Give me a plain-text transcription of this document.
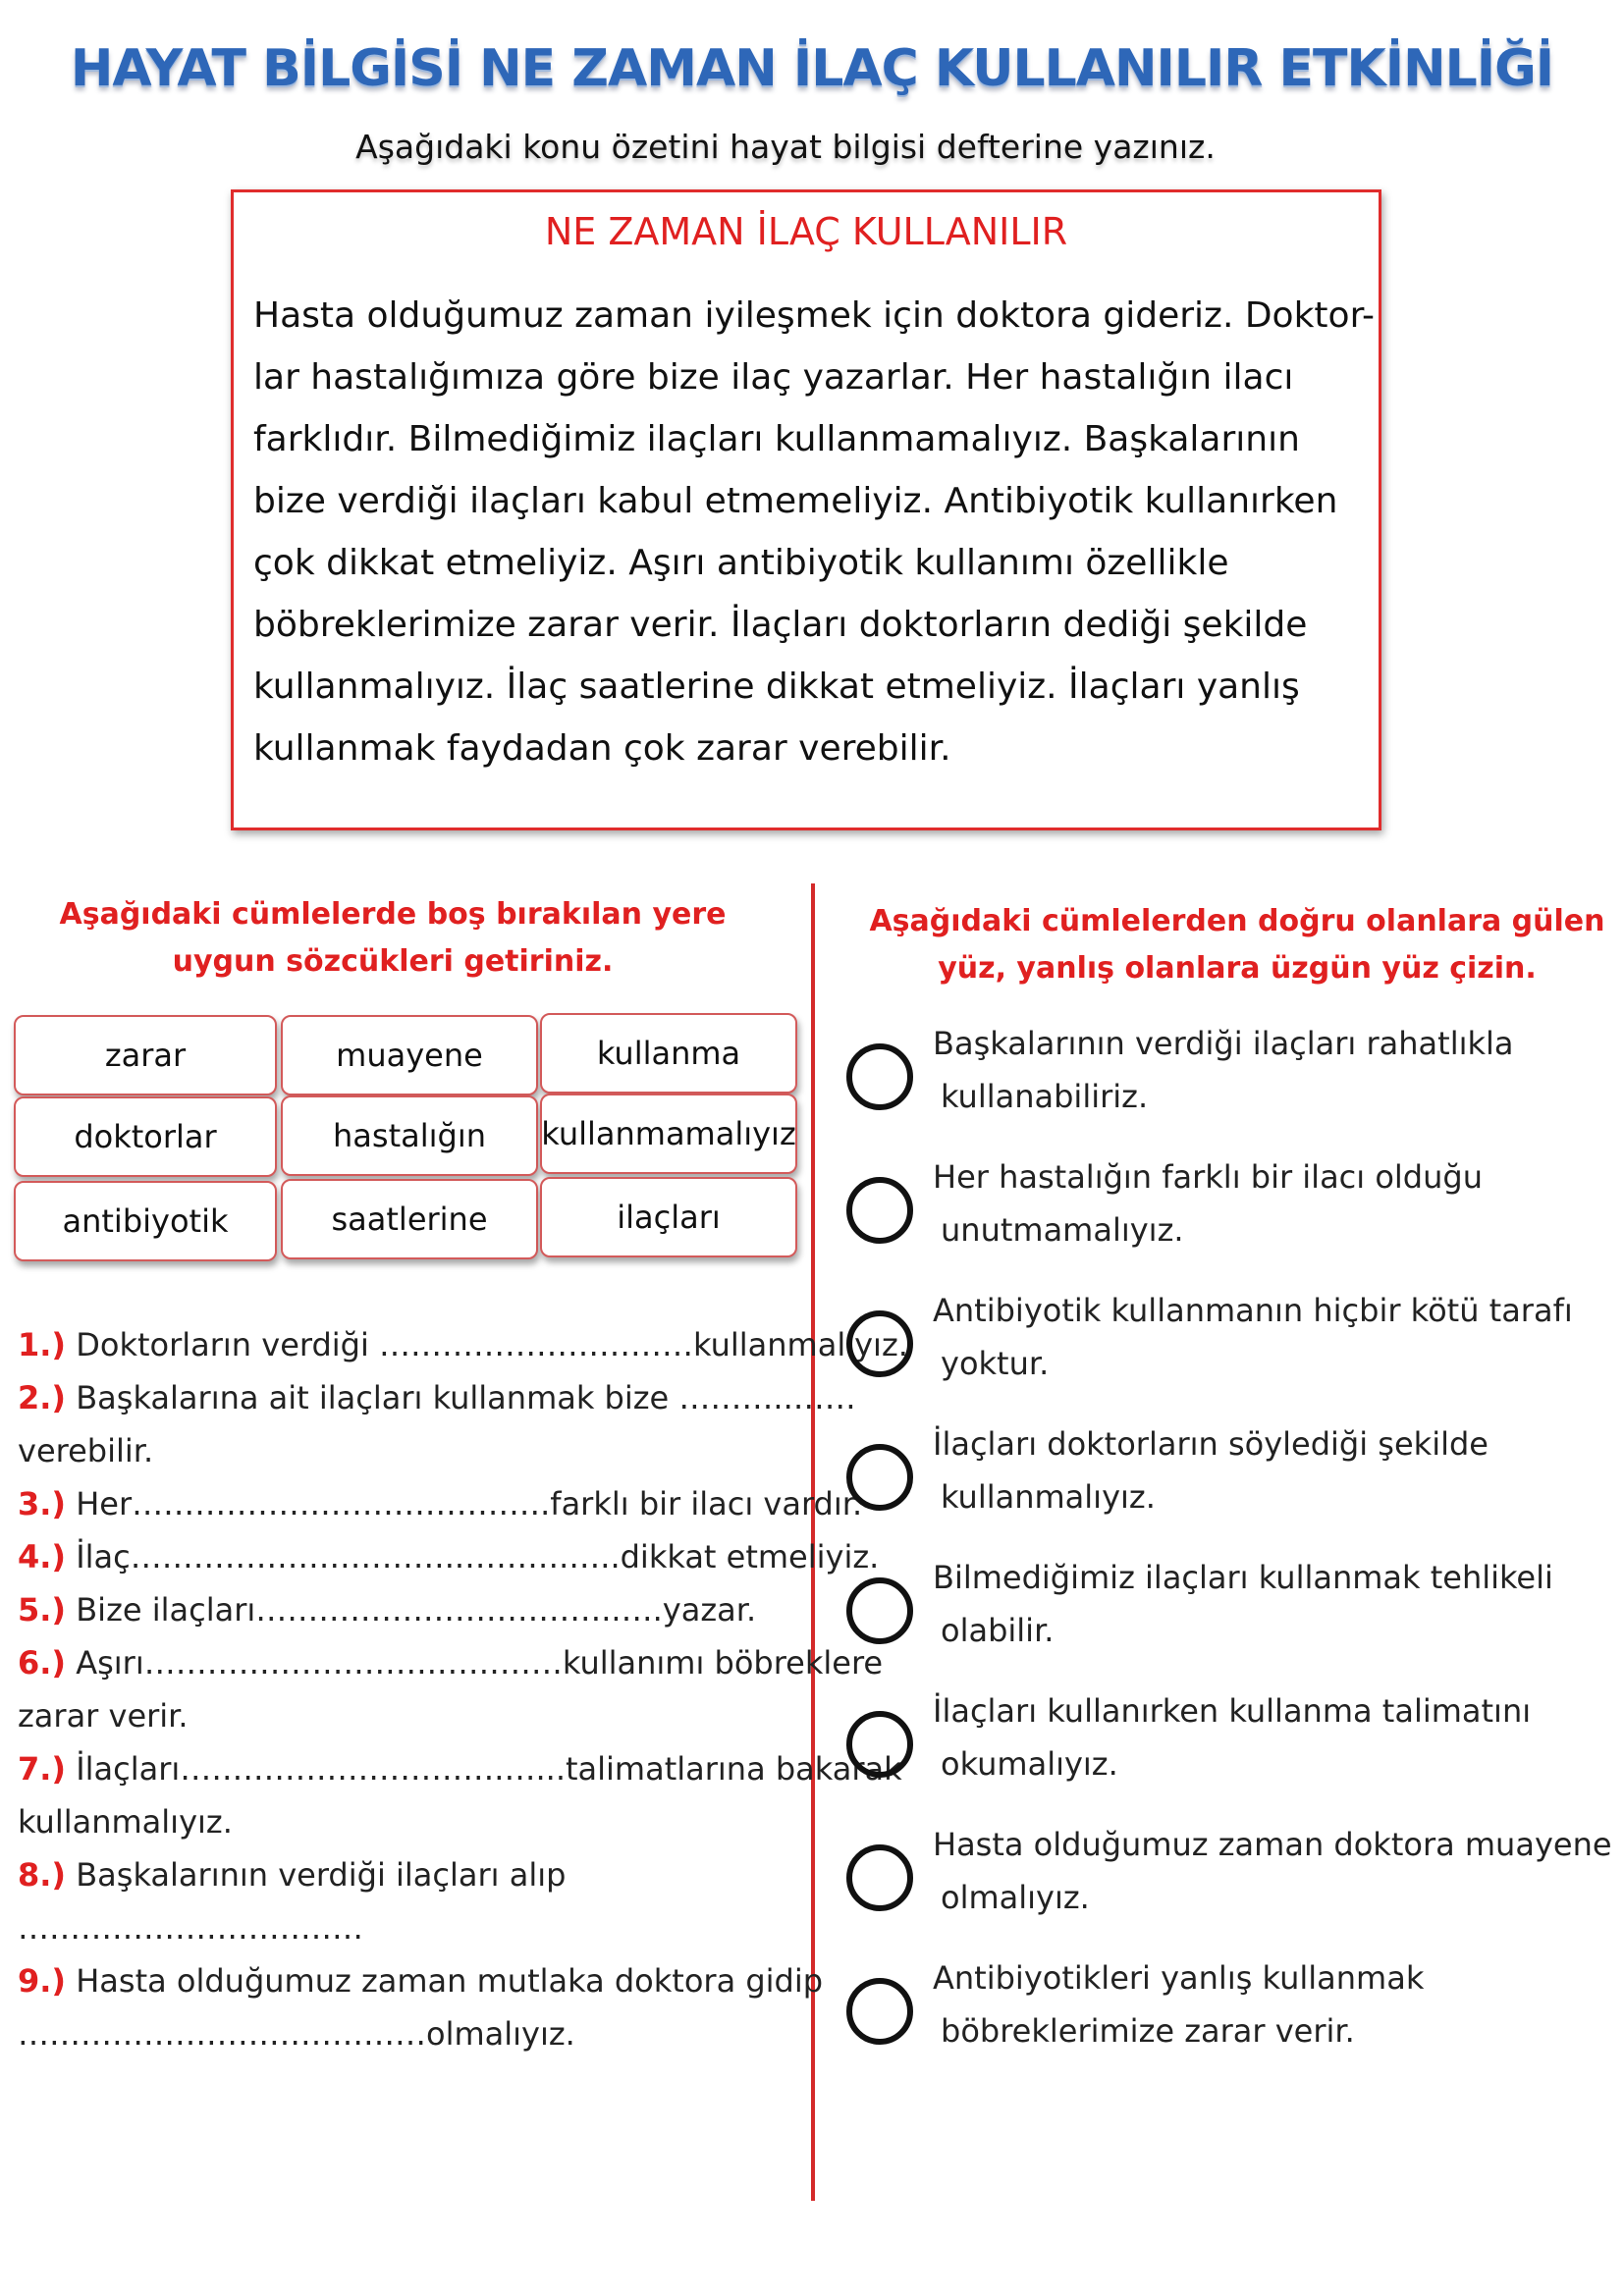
HAYAT BİLGİSİ NE ZAMAN İLAÇ KULLANILIR ETKİNLİĞİ
Aşağıdaki konu özetini hayat bilgisi defterine yazınız.
NE ZAMAN İLAÇ KULLANILIR
Hasta olduğumuz zaman iyileşmek için doktora gideriz. Doktor-
lar hastalığımıza göre bize ilaç yazarlar. Her hastalığın ilacı
farklıdır. Bilmediğimiz ilaçları kullanmamalıyız. Başkalarının
bize verdiği ilaçları kabul etmemeliyiz. Antibiyotik kullanırken
çok dikkat etmeliyiz. Aşırı antibiyotik kullanımı özellikle
böbreklerimize zarar verir. İlaçları doktorların dediği şekilde
kullanmalıyız. İlaç saatlerine dikkat etmeliyiz. İlaçları yanlış
kullanmak faydadan çok zarar verebilir.
Aşağıdaki cümlelerde boş bırakılan yere
uygun sözcükleri getiriniz.
zarar	muayene	kullanma
doktorlar	hastalığın	kullanmamalıyız
antibiyotik	saatlerine	ilaçları
1.) Doktorların verdiği …………………………kullanmalıyız.
2.) Başkalarına ait ilaçları kullanmak bize ………..……
verebilir.
3.) Her………………………………….farklı bir ilacı vardır.
4.) İlaç…………………………..……….…..dikkat etmeliyiz.
5.) Bize ilaçları……………………………..….yazar.
6.) Aşırı……………………….…………kullanımı böbreklere
zarar verir.
7.) İlaçları………………………….…...talimatlarına bakarak
kullanmalıyız.
8.) Başkalarının verdiği ilaçları alıp
……………………………
9.) Hasta olduğumuz zaman mutlaka doktora gidip
…………………………………olmalıyız.
Aşağıdaki cümlelerden doğru olanlara gülen
yüz, yanlış olanlara üzgün yüz çizin.
Başkalarının verdiği ilaçları rahatlıkla
kullanabiliriz.
Her hastalığın farklı bir ilacı olduğu
unutmamalıyız.
Antibiyotik kullanmanın hiçbir kötü tarafı
yoktur.
İlaçları doktorların söylediği şekilde
kullanmalıyız.
Bilmediğimiz ilaçları kullanmak tehlikeli
olabilir.
İlaçları kullanırken kullanma talimatını
okumalıyız.
Hasta olduğumuz zaman doktora muayene
olmalıyız.
Antibiyotikleri yanlış kullanmak
böbreklerimize zarar verir.
